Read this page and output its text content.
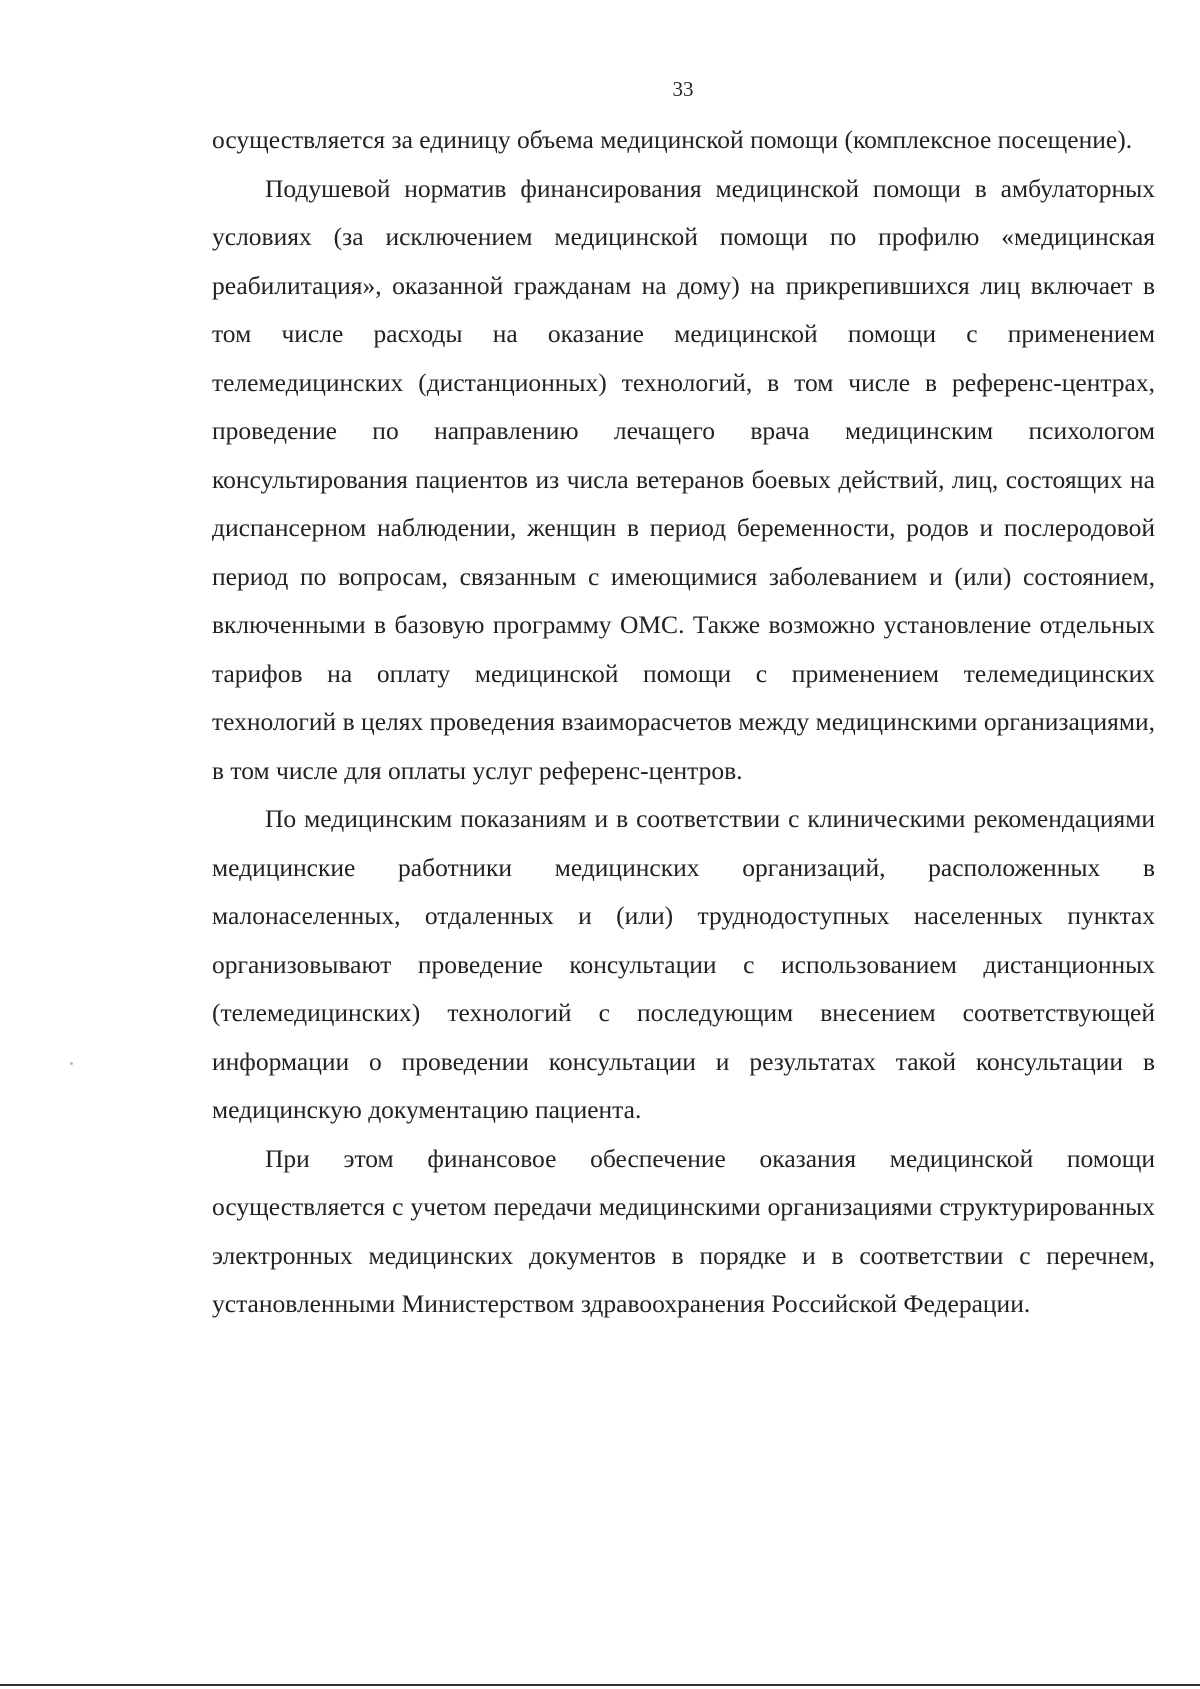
33

осуществляется за единицу объема медицинской помощи (комплексное посещение).

Подушевой норматив финансирования медицинской помощи в амбулаторных условиях (за исключением медицинской помощи по профилю «медицинская реабилитация», оказанной гражданам на дому) на прикрепившихся лиц включает в том числе расходы на оказание медицинской помощи с применением телемедицинских (дистанционных) технологий, в том числе в референс-центрах, проведение по направлению лечащего врача медицинским психологом консультирования пациентов из числа ветеранов боевых действий, лиц, состоящих на диспансерном наблюдении, женщин в период беременности, родов и послеродовой период по вопросам, связанным с имеющимися заболеванием и (или) состоянием, включенными в базовую программу ОМС. Также возможно установление отдельных тарифов на оплату медицинской помощи с применением телемедицинских технологий в целях проведения взаиморасчетов между медицинскими организациями, в том числе для оплаты услуг референс-центров.

По медицинским показаниям и в соответствии с клиническими рекомендациями медицинские работники медицинских организаций, расположенных в малонаселенных, отдаленных и (или) труднодоступных населенных пунктах организовывают проведение консультации с использованием дистанционных (телемедицинских) технологий с последующим внесением соответствующей информации о проведении консультации и результатах такой консультации в медицинскую документацию пациента.

При этом финансовое обеспечение оказания медицинской помощи осуществляется с учетом передачи медицинскими организациями структурированных электронных медицинских документов в порядке и в соответствии с перечнем, установленными Министерством здравоохранения Российской Федерации.
